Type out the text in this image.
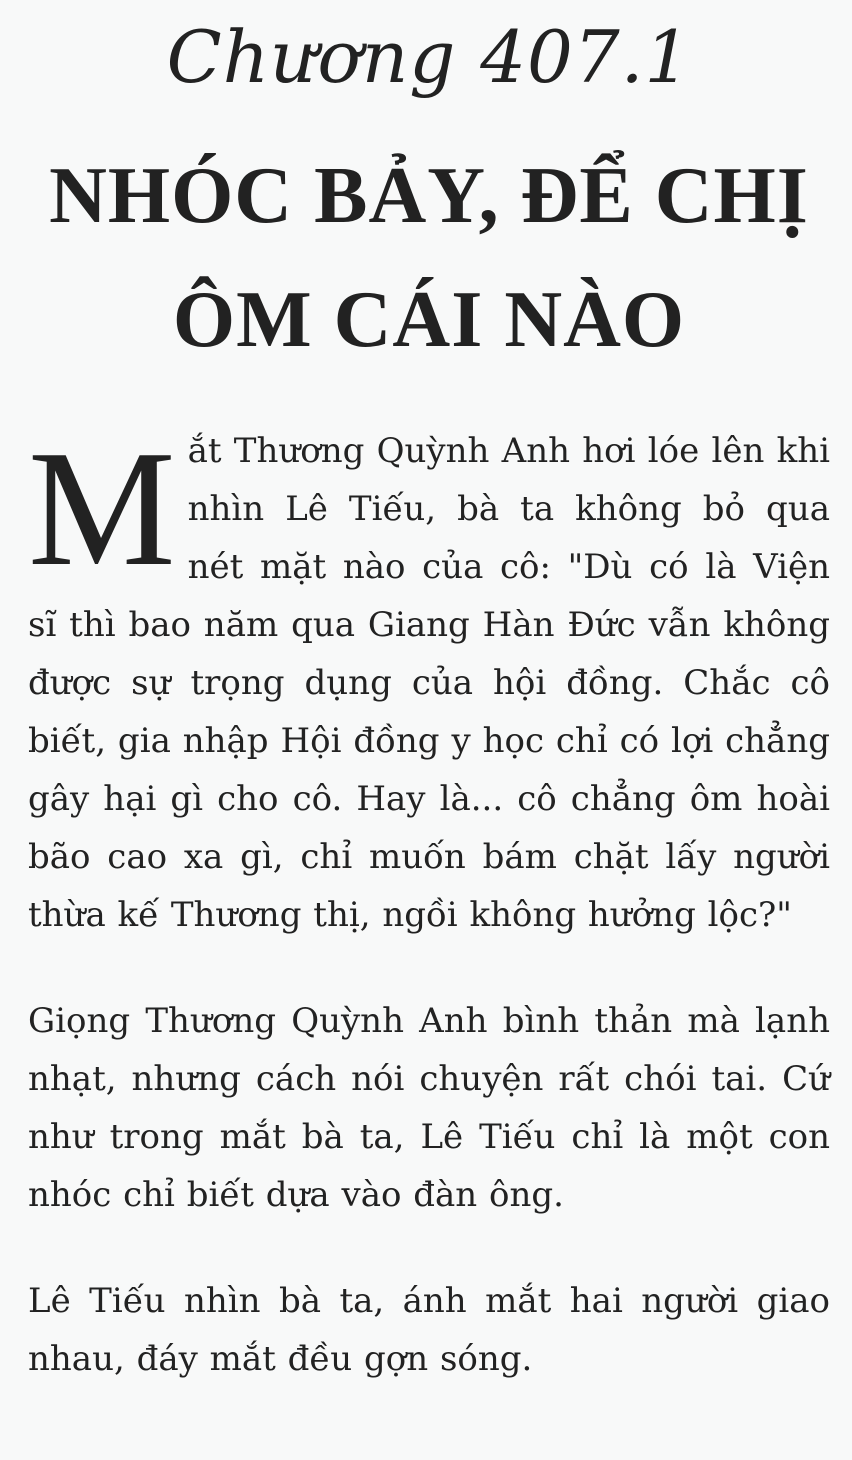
Chương 407.1
NHÓC BẢY, ĐỂ CHỊ ÔM CÁI NÀO

Mắt Thương Quỳnh Anh hơi lóe lên khi nhìn Lê Tiếu, bà ta không bỏ qua nét mặt nào của cô: "Dù có là Viện sĩ thì bao năm qua Giang Hàn Đức vẫn không được sự trọng dụng của hội đồng. Chắc cô biết, gia nhập Hội đồng y học chỉ có lợi chẳng gây hại gì cho cô. Hay là... cô chẳng ôm hoài bão cao xa gì, chỉ muốn bám chặt lấy người thừa kế Thương thị, ngồi không hưởng lộc?"

Giọng Thương Quỳnh Anh bình thản mà lạnh nhạt, nhưng cách nói chuyện rất chói tai. Cứ như trong mắt bà ta, Lê Tiếu chỉ là một con nhóc chỉ biết dựa vào đàn ông.

Lê Tiếu nhìn bà ta, ánh mắt hai người giao nhau, đáy mắt đều gợn sóng.
